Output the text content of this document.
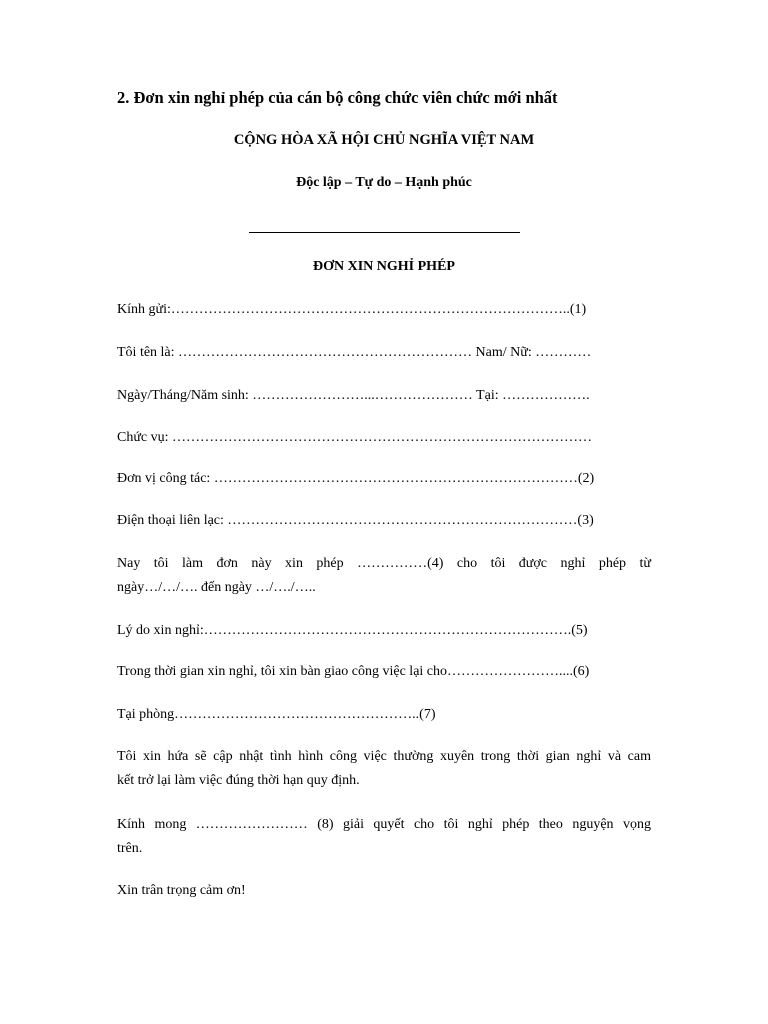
2. Đơn xin nghỉ phép của cán bộ công chức viên chức mới nhất
CỘNG HÒA XÃ HỘI CHỦ NGHĨA VIỆT NAM
Độc lập – Tự do – Hạnh phúc
ĐƠN XIN NGHỈ PHÉP
Kính gửi:…………………………………………………………………………..(1)
Tôi tên là: ……………………………………………………… Nam/ Nữ: …………
Ngày/Tháng/Năm sinh: ……………………...………………… Tại: ……………….
Chức vụ: ………………………………………………………………………………
Đơn vị công tác: ……………………………………………………………………(2)
Điện thoại liên lạc: …………………………………………………………………(3)
Nay tôi làm đơn này xin phép ……………(4) cho tôi được nghỉ phép từ
ngày…/…/…. đến ngày …/…./…..
Lý do xin nghỉ:…………………………………………………………………….(5)
Trong thời gian xin nghỉ, tôi xin bàn giao công việc lại cho……………………....(6)
Tại phòng……………………………………………..(7)
Tôi xin hứa sẽ cập nhật tình hình công việc thường xuyên trong thời gian nghỉ và cam
kết trở lại làm việc đúng thời hạn quy định.
Kính mong …………………… (8) giải quyết cho tôi nghỉ phép theo nguyện vọng
trên.
Xin trân trọng cảm ơn!
